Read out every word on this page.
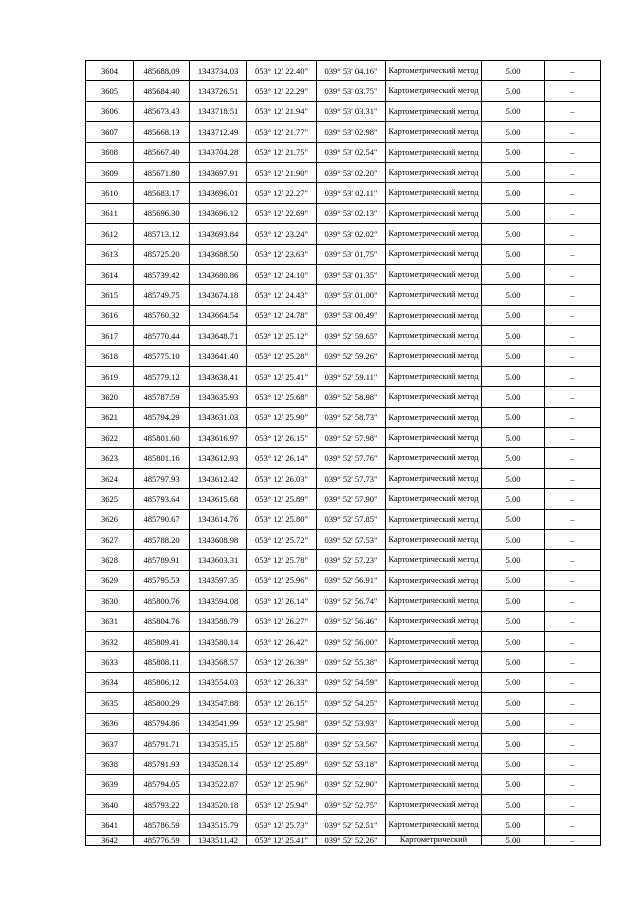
3604	485688.09	1343734.03	053° 12' 22.40"	039° 53' 04.16"	Картометрический метод	5.00	–
3605	485684.40	1343726.51	053° 12' 22.29"	039° 53' 03.75"	Картометрический метод	5.00	–
3606	485673.43	1343718.51	053° 12' 21.94"	039° 53' 03.31"	Картометрический метод	5.00	–
3607	485668.13	1343712.49	053° 12' 21.77"	039° 53' 02.98"	Картометрический метод	5.00	–
3608	485667.40	1343704.28	053° 12' 21.75"	039° 53' 02.54"	Картометрический метод	5.00	–
3609	485671.80	1343697.91	053° 12' 21.90"	039° 53' 02.20"	Картометрический метод	5.00	–
3610	485683.17	1343696.01	053° 12' 22.27"	039° 53' 02.11"	Картометрический метод	5.00	–
3611	485696.30	1343696.12	053° 12' 22.69"	039° 53' 02.13"	Картометрический метод	5.00	–
3612	485713.12	1343693.84	053° 12' 23.24"	039° 53' 02.02"	Картометрический метод	5.00	–
3613	485725.20	1343688.50	053° 12' 23.63"	039° 53' 01.75"	Картометрический метод	5.00	–
3614	485739.42	1343680.86	053° 12' 24.10"	039° 53' 01.35"	Картометрический метод	5.00	–
3615	485749.75	1343674.18	053° 12' 24.43"	039° 53' 01.00"	Картометрический метод	5.00	–
3616	485760.32	1343664.54	053° 12' 24.78"	039° 53' 00.49"	Картометрический метод	5.00	–
3617	485770.44	1343648.71	053° 12' 25.12"	039° 52' 59.65"	Картометрический метод	5.00	–
3618	485775.10	1343641.40	053° 12' 25.28"	039° 52' 59.26"	Картометрический метод	5.00	–
3619	485779.12	1343638.41	053° 12' 25.41"	039° 52' 59.11"	Картометрический метод	5.00	–
3620	485787.59	1343635.93	053° 12' 25.68"	039° 52' 58.98"	Картометрический метод	5.00	–
3621	485794.29	1343631.03	053° 12' 25.90"	039° 52' 58.73"	Картометрический метод	5.00	–
3622	485801.60	1343616.97	053° 12' 26.15"	039° 52' 57.98"	Картометрический метод	5.00	–
3623	485801.16	1343612.93	053° 12' 26.14"	039° 52' 57.76"	Картометрический метод	5.00	–
3624	485797.93	1343612.42	053° 12' 26.03"	039° 52' 57.73"	Картометрический метод	5.00	–
3625	485793.64	1343615.68	053° 12' 25.89"	039° 52' 57.90"	Картометрический метод	5.00	–
3626	485790.67	1343614.76	053° 12' 25.80"	039° 52' 57.85"	Картометрический метод	5.00	–
3627	485788.20	1343608.98	053° 12' 25.72"	039° 52' 57.53"	Картометрический метод	5.00	–
3628	485789.91	1343603.31	053° 12' 25.78"	039° 52' 57.23"	Картометрический метод	5.00	–
3629	485795.53	1343597.35	053° 12' 25.96"	039° 52' 56.91"	Картометрический метод	5.00	–
3630	485800.76	1343594.08	053° 12' 26.14"	039° 52' 56.74"	Картометрический метод	5.00	–
3631	485804.76	1343588.79	053° 12' 26.27"	039° 52' 56.46"	Картометрический метод	5.00	–
3632	485809.41	1343580.14	053° 12' 26.42"	039° 52' 56.00"	Картометрический метод	5.00	–
3633	485808.11	1343568.57	053° 12' 26.39"	039° 52' 55.38"	Картометрический метод	5.00	–
3634	485806.12	1343554.03	053° 12' 26.33"	039° 52' 54.59"	Картометрический метод	5.00	–
3635	485800.29	1343547.88	053° 12' 26.15"	039° 52' 54.25"	Картометрический метод	5.00	–
3636	485794.86	1343541.99	053° 12' 25.98"	039° 52' 53.93"	Картометрический метод	5.00	–
3637	485791.71	1343535.15	053° 12' 25.88"	039° 52' 53.56"	Картометрический метод	5.00	–
3638	485791.93	1343528.14	053° 12' 25.89"	039° 52' 53.18"	Картометрический метод	5.00	–
3639	485794.05	1343522.87	053° 12' 25.96"	039° 52' 52.90"	Картометрический метод	5.00	–
3640	485793.22	1343520.18	053° 12' 25.94"	039° 52' 52.75"	Картометрический метод	5.00	–
3641	485786.59	1343515.79	053° 12' 25.73"	039° 52' 52.51"	Картометрический метод	5.00	–
3642	485776.59	1343511.42	053° 12' 25.41"	039° 52' 52.26"	Картометрический	5.00	–
